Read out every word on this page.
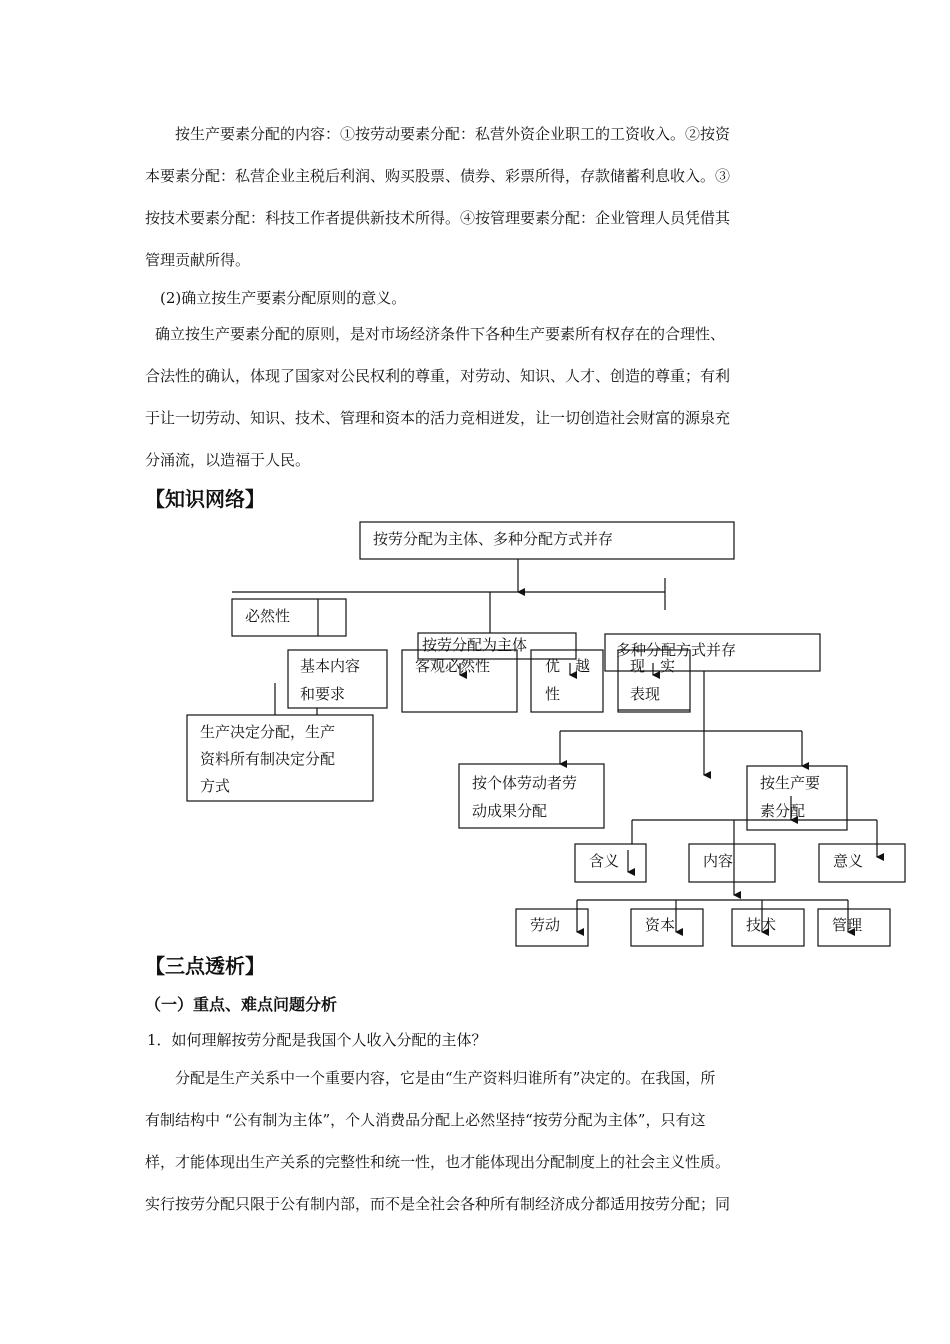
按生产要素分配的内容：①按劳动要素分配：私营外资企业职工的工资收入。②按资
本要素分配：私营企业主税后利润、购买股票、债券、彩票所得，存款储蓄利息收入。③
按技术要素分配：科技工作者提供新技术所得。④按管理要素分配：企业管理人员凭借其
管理贡献所得。
(2)确立按生产要素分配原则的意义。
确立按生产要素分配的原则，是对市场经济条件下各种生产要素所有权存在的合理性、
合法性的确认，体现了国家对公民权利的尊重，对劳动、知识、人才、创造的尊重；有利
于让一切劳动、知识、技术、管理和资本的活力竞相迸发，让一切创造社会财富的源泉充
分涌流，以造福于人民。
【知识网络】
按劳分配为主体、多种分配方式并存
必然性
按劳分配为主体	多种分配方式并存
基本内容
和要求
客观必然性	优　越
性
现　实
表现
生产决定分配，生产
资料所有制决定分配
方式	按个体劳动者劳
动成果分配
按生产要
素分配
含义	内容	意义
劳动	资本	技术	管理
【三点透析】
（一）重点、难点问题分析
1．如何理解按劳分配是我国个人收入分配的主体？
分配是生产关系中一个重要内容，它是由“生产资料归谁所有”决定的。在我国，所
有制结构中 “公有制为主体”，个人消费品分配上必然坚持“按劳分配为主体”，只有这
样，才能体现出生产关系的完整性和统一性，也才能体现出分配制度上的社会主义性质。
实行按劳分配只限于公有制内部，而不是全社会各种所有制经济成分都适用按劳分配；同
